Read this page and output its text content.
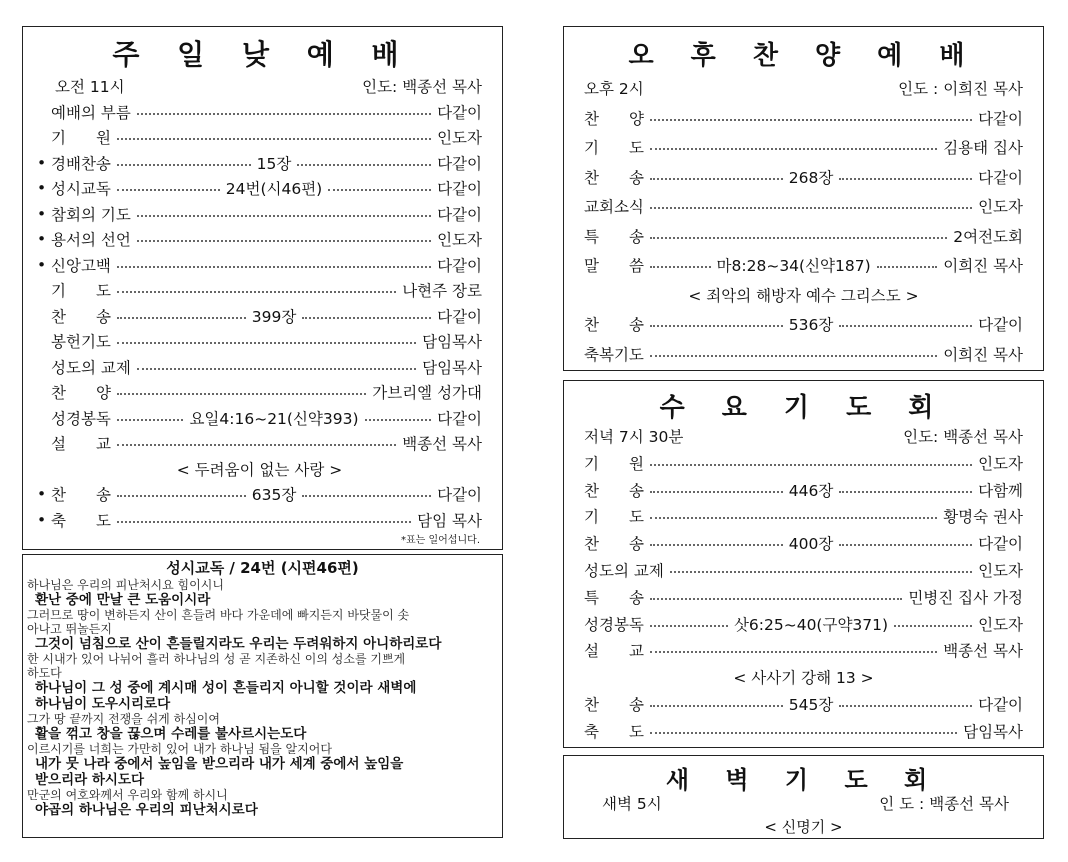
주 일 낮 예 배
오전 11시	인도: 백종선 목사
예배의 부름	다같이
기 원	인도자
• 경배찬송	15장	다같이
• 성시교독	24번(시46편)	다같이
• 참회의 기도	다같이
• 용서의 선언	인도자
• 신앙고백	다같이
기 도	나현주 장로
찬 송	399장	다같이
봉헌기도	담임목사
성도의 교제	담임목사
찬 양	가브리엘 성가대
성경봉독	요일4:16~21(신약393)	다같이
설 교	백종선 목사
< 두려움이 없는 사랑 >
• 찬 송	635장	다같이
• 축 도	담임 목사
*표는 일어섭니다.
성시교독 / 24번 (시편46편)
하나님은 우리의 피난처시요 힘이시니
환난 중에 만날 큰 도움이시라
그러므로 땅이 변하든지 산이 흔들려 바다 가운데에 빠지든지 바닷물이 솟
아나고 뛰놀든지
그것이 넘침으로 산이 흔들릴지라도 우리는 두려워하지 아니하리로다
한 시내가 있어 나뉘어 흘러 하나님의 성 곧 지존하신 이의 성소를 기쁘게
하도다
하나님이 그 성 중에 계시매 성이 흔들리지 아니할 것이라 새벽에
하나님이 도우시리로다
그가 땅 끝까지 전쟁을 쉬게 하심이여
활을 꺾고 창을 끊으며 수레를 불사르시는도다
이르시기를 너희는 가만히 있어 내가 하나님 됨을 알지어다
내가 뭇 나라 중에서 높임을 받으리라 내가 세계 중에서 높임을
받으리라 하시도다
만군의 여호와께서 우리와 함께 하시니
야곱의 하나님은 우리의 피난처시로다
오 후 찬 양 예 배
오후 2시	인도 : 이희진 목사
찬 양	다같이
기 도	김용태 집사
찬 송	268장	다같이
교회소식	인도자
특 송	2여전도회
말 씀	마8:28~34(신약187)	이희진 목사
< 죄악의 해방자 예수 그리스도 >
찬 송	536장	다같이
축복기도	이희진 목사
수 요 기 도 회
저녁 7시 30분	인도: 백종선 목사
기 원	인도자
찬 송	446장	다함께
기 도	황명숙 권사
찬 송	400장	다같이
성도의 교제	인도자
특 송	민병진 집사 가정
성경봉독	삿6:25~40(구약371)	인도자
설 교	백종선 목사
< 사사기 강해 13 >
찬 송	545장	다같이
축 도	담임목사
새 벽 기 도 회
새벽 5시	인 도 : 백종선 목사
< 신명기 >
